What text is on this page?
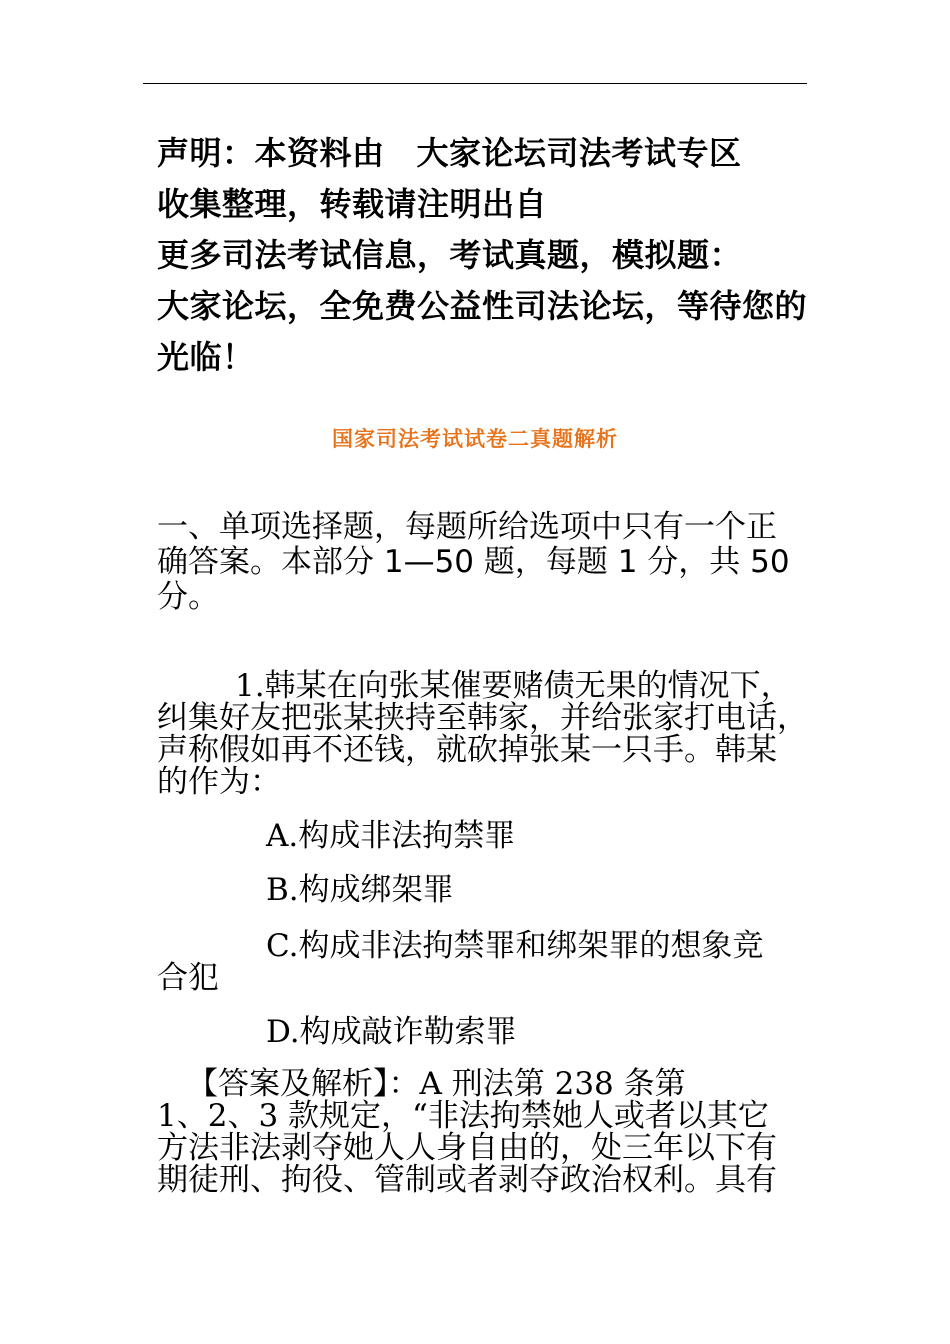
声明：本资料由 大家论坛司法考试专区
收集整理，转载请注明出自
更多司法考试信息，考试真题，模拟题：
大家论坛，全免费公益性司法论坛，等待您的
光临！
国家司法考试试卷二真题解析
一、单项选择题，每题所给选项中只有一个正
确答案。本部分 1—50 题，每题 1 分，共 50
分。
1.韩某在向张某催要赌债无果的情况下，
纠集好友把张某挟持至韩家，并给张家打电话，
声称假如再不还钱，就砍掉张某一只手。韩某
的作为：
A.构成非法拘禁罪
B.构成绑架罪
C.构成非法拘禁罪和绑架罪的想象竞
合犯
D.构成敲诈勒索罪
【答案及解析】：A 刑法第 238 条第
1、2、3 款规定，“非法拘禁她人或者以其它
方法非法剥夺她人人身自由的，处三年以下有
期徒刑、拘役、管制或者剥夺政治权利。具有
